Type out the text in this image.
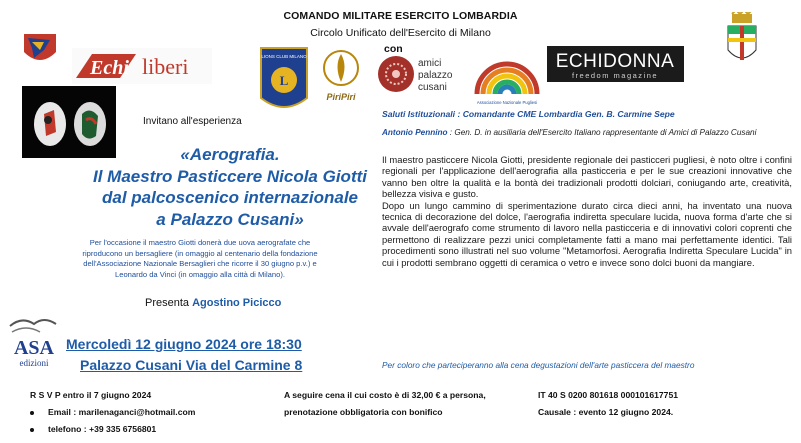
COMANDO MILITARE ESERCITO LOMBARDIA
Circolo Unificato dell'Esercito di Milano
con
Echi liberi	LIONS CLUB MILANO
L
PiriPiri
amici
palazzo
cusani
Associazione Nazionale Pugliesi
ECHIDONNA
freedom magazine
Invitano all'esperienza
«Aerografia.
Il Maestro Pasticcere Nicola Giotti
dal palcoscenico internazionale
a Palazzo Cusani»
Per l'occasione il maestro Giotti donerà due uova aerografate che
riproducono un bersagliere (in omaggio al centenario della fondazione
dell'Associazione Nazionale Bersaglieri che ricorre il 30 giugno p.v.) e
Leonardo da Vinci (in omaggio alla città di Milano).
Presenta Agostino Picicco
ASA
edizioni
Mercoledì 12 giugno 2024 ore 18:30
Palazzo Cusani Via del Carmine 8
Saluti Istituzionali : Comandante CME Lombardia Gen. B. Carmine Sepe
Antonio Pennino : Gen. D. in ausiliaria dell'Esercito Italiano rappresentante di Amici di Palazzo Cusani

Il maestro pasticcere Nicola Giotti, presidente regionale dei pasticceri pugliesi, è noto oltre i confini regionali per l'applicazione dell'aerografia alla pasticceria e per le sue creazioni innovative che vanno ben oltre la qualità e la bontà dei tradizionali prodotti dolciari, coniugando arte, creatività, bellezza visiva e gusto.

Dopo un lungo cammino di sperimentazione durato circa dieci anni, ha inventato una nuova tecnica di decorazione del dolce, l'aerografia indiretta speculare lucida, nuova forma d'arte che si avvale dell'aerografo come strumento di lavoro nella pasticceria e di innovativi colori coprenti che permettono di realizzare pezzi unici completamente fatti a mano mai perfettamente identici. Tali procedimenti sono illustrati nel suo volume "Metamorfosi. Aerografia Indiretta Speculare Lucida" in cui i prodotti sembrano oggetti di ceramica o vetro e invece sono dolci buoni da mangiare.

Per coloro che parteciperanno alla cena degustazioni dell'arte pasticcera del maestro
R S V P entro il 7 giugno 2024
Email : marilenaganci@hotmail.com
telefono : +39 335 6756801
A seguire cena il cui costo è di 32,00 € a persona,
prenotazione obbligatoria con bonifico
IT 40 S 0200 801618 000101617751
Causale : evento 12 giugno 2024.
